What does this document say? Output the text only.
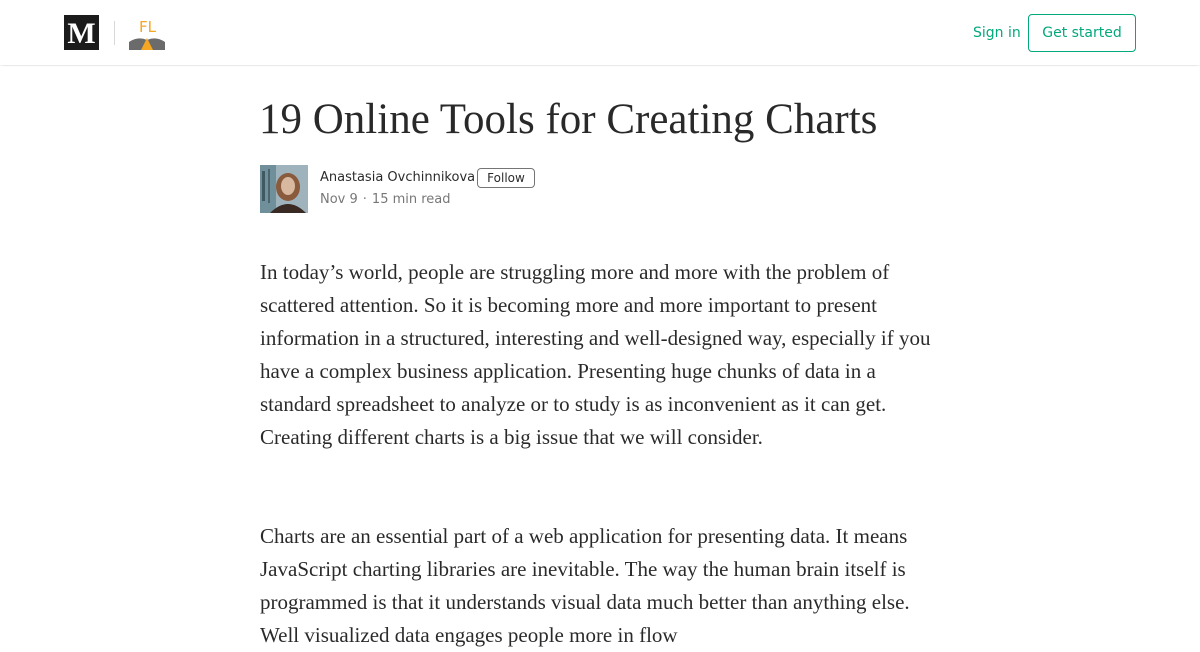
M	FL	Sign in	Get started
19 Online Tools for Creating Charts
Anastasia Ovchinnikova	Follow
Nov 9 · 15 min read

In today’s world, people are struggling more and more with the problem of scattered attention. So it is becoming more and more important to present information in a structured, interesting and well-designed way, especially if you have a complex business application. Presenting huge chunks of data in a standard spreadsheet to analyze or to study is as inconvenient as it can get. Creating different charts is a big issue that we will consider.

Charts are an essential part of a web application for presenting data. It means JavaScript charting libraries are inevitable. The way the human brain itself is programmed is that it understands visual data much better than anything else. Well visualized data engages people more in flow
